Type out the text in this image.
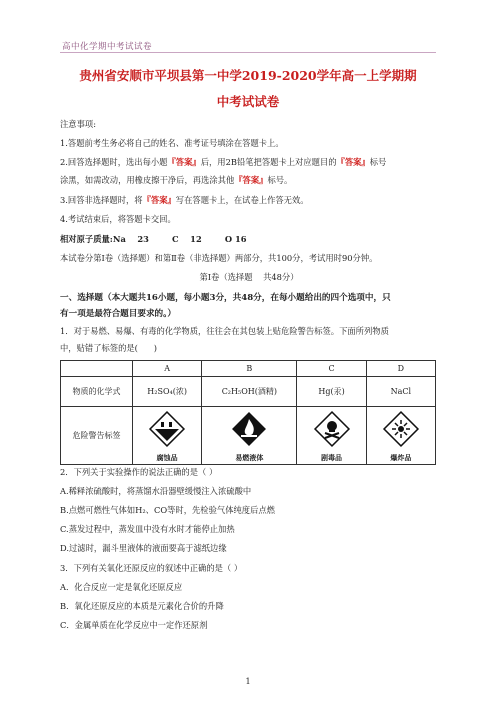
高中化学期中考试试卷
贵州省安顺市平坝县第一中学2019-2020学年高一上学期期
中考试试卷
注意事项:
1.答题前考生务必将自己的姓名、准考证号填涂在答题卡上。
2.回答选择题时，选出每小题『答案』后，用2B铅笔把答题卡上对应题目的『答案』标号
涂黑，如需改动，用橡皮擦干净后，再选涂其他『答案』标号。
3.回答非选择题时，将『答案』写在答题卡上，在试卷上作答无效。
4.考试结束后，将答题卡交回。
相对原子质量:Na    23        C    12        O 16
本试卷分第Ⅰ卷（选择题）和第Ⅱ卷（非选择题）两部分，共100分，考试用时90分钟。
第Ⅰ卷（选择题    共48分）
一、选择题（本大题共16小题，每小题3分，共48分，在每小题给出的四个选项中，只
有一项是最符合题目要求的。）
1．对于易燃、易爆、有毒的化学物质，往往会在其包装上贴危险警告标签。下面所列物质
中，贴错了标签的是(      )
	A	B	C	D
物质的化学式	H₂SO₄(浓)	C₂H₅OH(酒精)	Hg(汞)	NaCl
危险警告标签	腐蚀品	易燃液体	剧毒品	爆炸品
2．下列关于实验操作的说法正确的是（ ）
A.稀释浓硫酸时，将蒸馏水沿器壁缓慢注入浓硫酸中
B.点燃可燃性气体如H₂、CO等时，先检验气体纯度后点燃
C.蒸发过程中，蒸发皿中没有水时才能停止加热
D.过滤时，漏斗里液体的液面要高于滤纸边缘
3．下列有关氧化还原反应的叙述中正确的是（ ）
A．化合反应一定是氧化还原反应
B．氧化还原反应的本质是元素化合价的升降
C．金属单质在化学反应中一定作还原剂
1
